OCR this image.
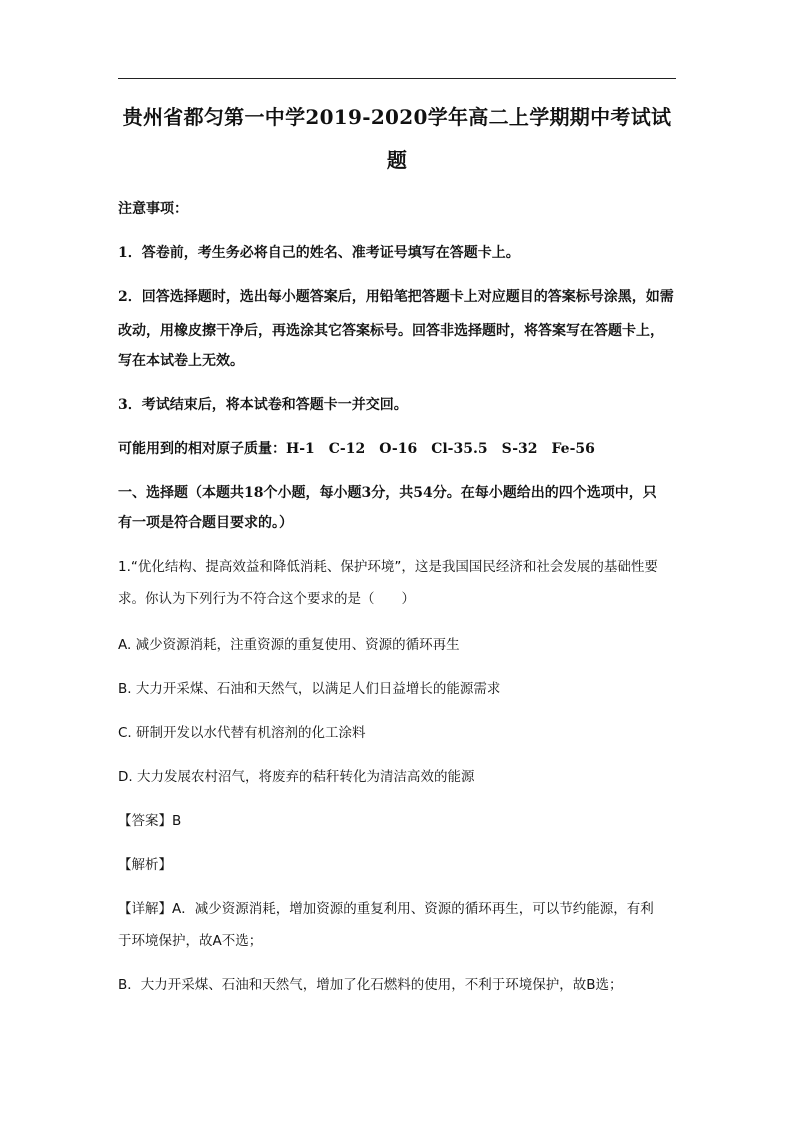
贵州省都匀第一中学2019-2020学年高二上学期期中考试试
题
注意事项：
1．答卷前，考生务必将自己的姓名、准考证号填写在答题卡上。
2．回答选择题时，选出每小题答案后，用铅笔把答题卡上对应题目的答案标号涂黑，如需
改动，用橡皮擦干净后，再选涂其它答案标号。回答非选择题时，将答案写在答题卡上，
写在本试卷上无效。
3．考试结束后，将本试卷和答题卡一并交回。
可能用到的相对原子质量：H-1　C-12　O-16　Cl-35.5　S-32　Fe-56
一、选择题（本题共18个小题，每小题3分，共54分。在每小题给出的四个选项中，只
有一项是符合题目要求的。）
1.“优化结构、提高效益和降低消耗、保护环境”，这是我国国民经济和社会发展的基础性要
求。你认为下列行为不符合这个要求的是（　　）
A. 减少资源消耗，注重资源的重复使用、资源的循环再生
B. 大力开采煤、石油和天然气，以满足人们日益增长的能源需求
C. 研制开发以水代替有机溶剂的化工涂料
D. 大力发展农村沼气，将废弃的秸秆转化为清洁高效的能源
【答案】B
【解析】
【详解】A．减少资源消耗，增加资源的重复利用、资源的循环再生，可以节约能源，有利
于环境保护，故A不选；
B．大力开采煤、石油和天然气，增加了化石燃料的使用，不利于环境保护，故B选；
